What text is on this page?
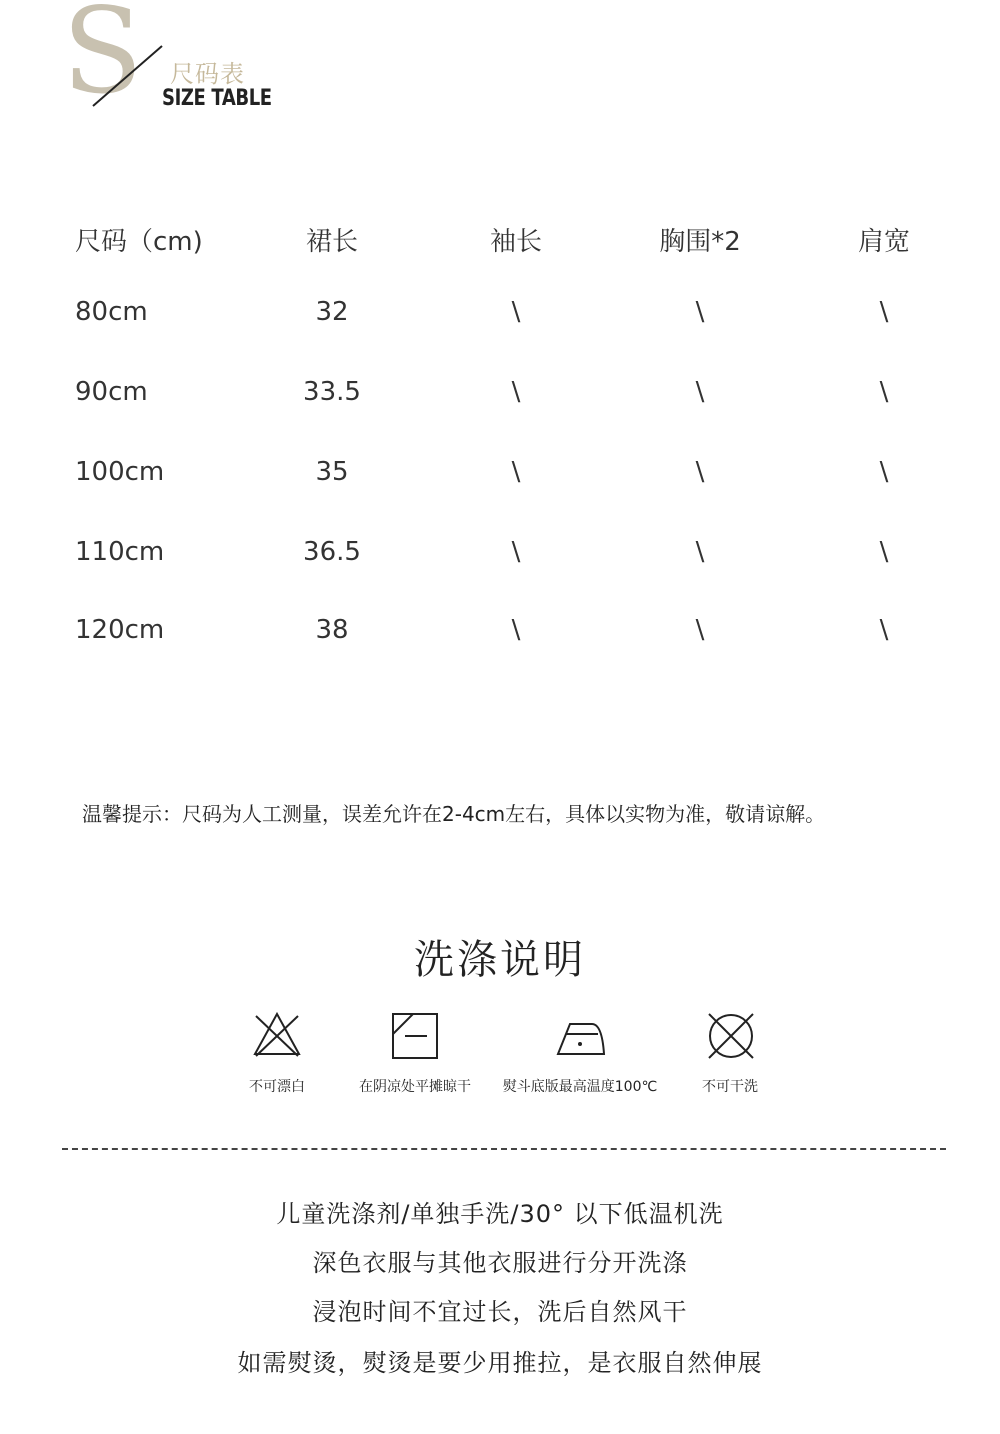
S 尺码表
SIZE TABLE
尺码（cm)	裙长	袖长	胸围*2	肩宽
80cm	32	\	\	\
90cm	33.5	\	\	\
100cm	35	\	\	\
110cm	36.5	\	\	\
120cm	38	\	\	\
温馨提示：尺码为人工测量，误差允许在2-4cm左右，具体以实物为准，敬请谅解。
洗涤说明
不可漂白	在阴凉处平摊晾干 熨斗底版最高温度100℃	不可干洗
儿童洗涤剂/单独手洗/30° 以下低温机洗
深色衣服与其他衣服进行分开洗涤
浸泡时间不宜过长，洗后自然风干
如需熨烫，熨烫是要少用推拉，是衣服自然伸展
